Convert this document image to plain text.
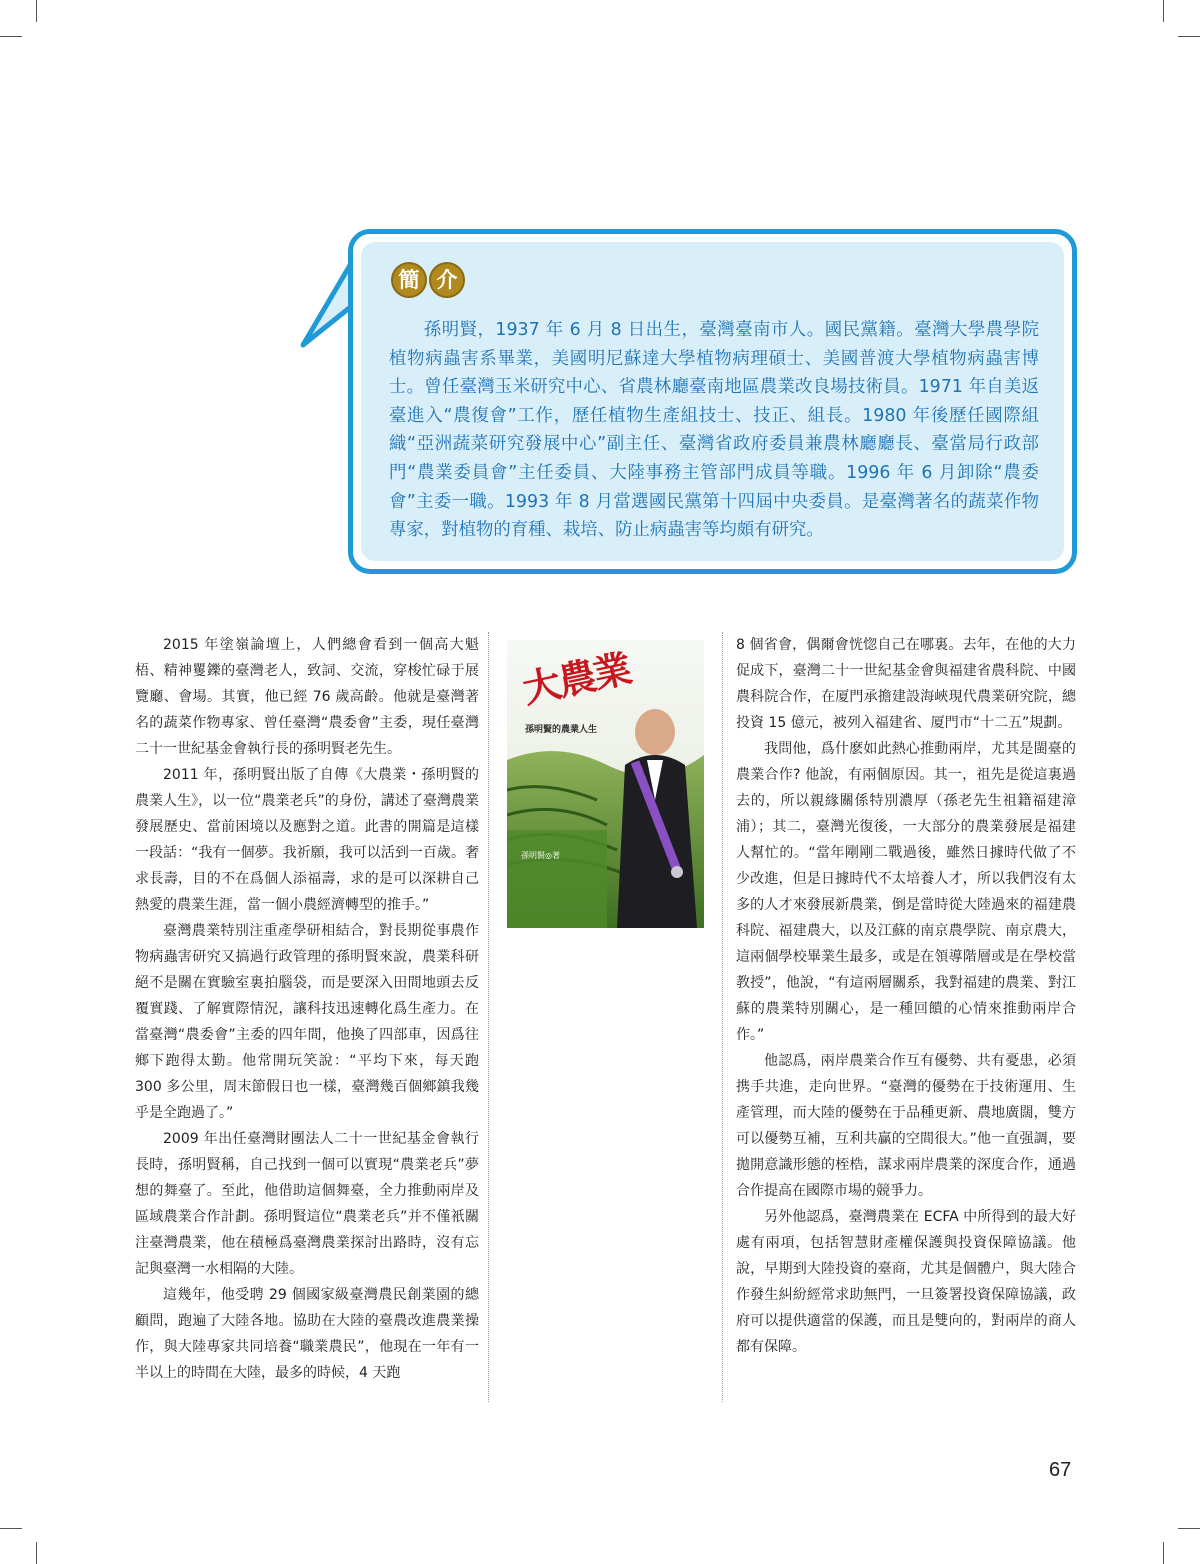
簡 介

孫明賢，1937 年 6 月 8 日出生，臺灣臺南市人。國民黨籍。臺灣大學農學院植物病蟲害系畢業，美國明尼蘇達大學植物病理碩士、美國普渡大學植物病蟲害博士。曾任臺灣玉米研究中心、省農林廳臺南地區農業改良場技術員。1971 年自美返臺進入“農復會”工作，歷任植物生產組技士、技正、組長。1980 年後歷任國際組織“亞洲蔬菜研究發展中心”副主任、臺灣省政府委員兼農林廳廳長、臺當局行政部門“農業委員會”主任委員、大陸事務主管部門成員等職。1996 年 6 月卸除“農委會”主委一職。1993 年 8 月當選國民黨第十四屆中央委員。是臺灣著名的蔬菜作物專家，對植物的育種、栽培、防止病蟲害等均頗有研究。

2015 年塗嶺論壇上，人們總會看到一個高大魁梧、精神矍鑠的臺灣老人，致詞、交流，穿梭忙碌于展覽廳、會場。其實，他已經 76 歲高齡。他就是臺灣著名的蔬菜作物專家、曾任臺灣“農委會”主委，現任臺灣二十一世紀基金會執行長的孫明賢老先生。

2011 年，孫明賢出版了自傳《大農業・孫明賢的農業人生》，以一位“農業老兵”的身份，講述了臺灣農業發展歷史、當前困境以及應對之道。此書的開篇是這樣一段話：“我有一個夢。我祈願，我可以活到一百歲。奢求長壽，目的不在爲個人添福壽，求的是可以深耕自己熱愛的農業生涯，當一個小農經濟轉型的推手。”

臺灣農業特別注重產學研相結合，對長期從事農作物病蟲害研究又搞過行政管理的孫明賢來說，農業科研絕不是關在實驗室裏拍腦袋，而是要深入田間地頭去反覆實踐、了解實際情況，讓科技迅速轉化爲生產力。在當臺灣“農委會”主委的四年間，他換了四部車，因爲往鄉下跑得太勤。他常開玩笑說：“平均下來，每天跑 300 多公里，周末節假日也一樣，臺灣幾百個鄉鎮我幾乎是全跑過了。”

2009 年出任臺灣財團法人二十一世紀基金會執行長時，孫明賢稱，自己找到一個可以實現“農業老兵”夢想的舞臺了。至此，他借助這個舞臺，全力推動兩岸及區域農業合作計劃。孫明賢這位“農業老兵”并不僅衹關注臺灣農業，他在積極爲臺灣農業探討出路時，沒有忘記與臺灣一水相隔的大陸。

這幾年，他受聘 29 個國家級臺灣農民創業園的總顧問，跑遍了大陸各地。協助在大陸的臺農改進農業操作，與大陸專家共同培養“職業農民”，他現在一年有一半以上的時間在大陸，最多的時候，4 天跑

大農業
孫明賢的農業人生
孫明賢◎著

8 個省會，偶爾會恍惚自己在哪裏。去年，在他的大力促成下，臺灣二十一世紀基金會與福建省農科院、中國農科院合作，在厦門承擔建設海峽現代農業研究院，總投資 15 億元，被列入福建省、厦門市“十二五”規劃。

我問他，爲什麽如此熱心推動兩岸，尤其是閩臺的農業合作? 他說，有兩個原因。其一，祖先是從這裏過去的，所以親緣關係特別濃厚（孫老先生祖籍福建漳浦）；其二，臺灣光復後，一大部分的農業發展是福建人幫忙的。“當年剛剛二戰過後，雖然日據時代做了不少改進，但是日據時代不太培養人才，所以我們沒有太多的人才來發展新農業，倒是當時從大陸過來的福建農科院、福建農大，以及江蘇的南京農學院、南京農大，這兩個學校畢業生最多，或是在領導階層或是在學校當教授”，他說，“有這兩層關系，我對福建的農業、對江蘇的農業特別關心，是一種回饋的心情來推動兩岸合作。”

他認爲，兩岸農業合作互有優勢、共有憂患，必須携手共進，走向世界。“臺灣的優勢在于技術運用、生產管理，而大陸的優勢在于品種更新、農地廣闊，雙方可以優勢互補，互利共贏的空間很大。”他一直强調，要拋開意識形態的桎梏，謀求兩岸農業的深度合作，通過合作提高在國際市場的競爭力。

另外他認爲，臺灣農業在 ECFA 中所得到的最大好處有兩項，包括智慧財產權保護與投資保障協議。他說，早期到大陸投資的臺商，尤其是個體户，與大陸合作發生糾紛經常求助無門，一旦簽署投資保障協議，政府可以提供適當的保護，而且是雙向的，對兩岸的商人都有保障。

67
